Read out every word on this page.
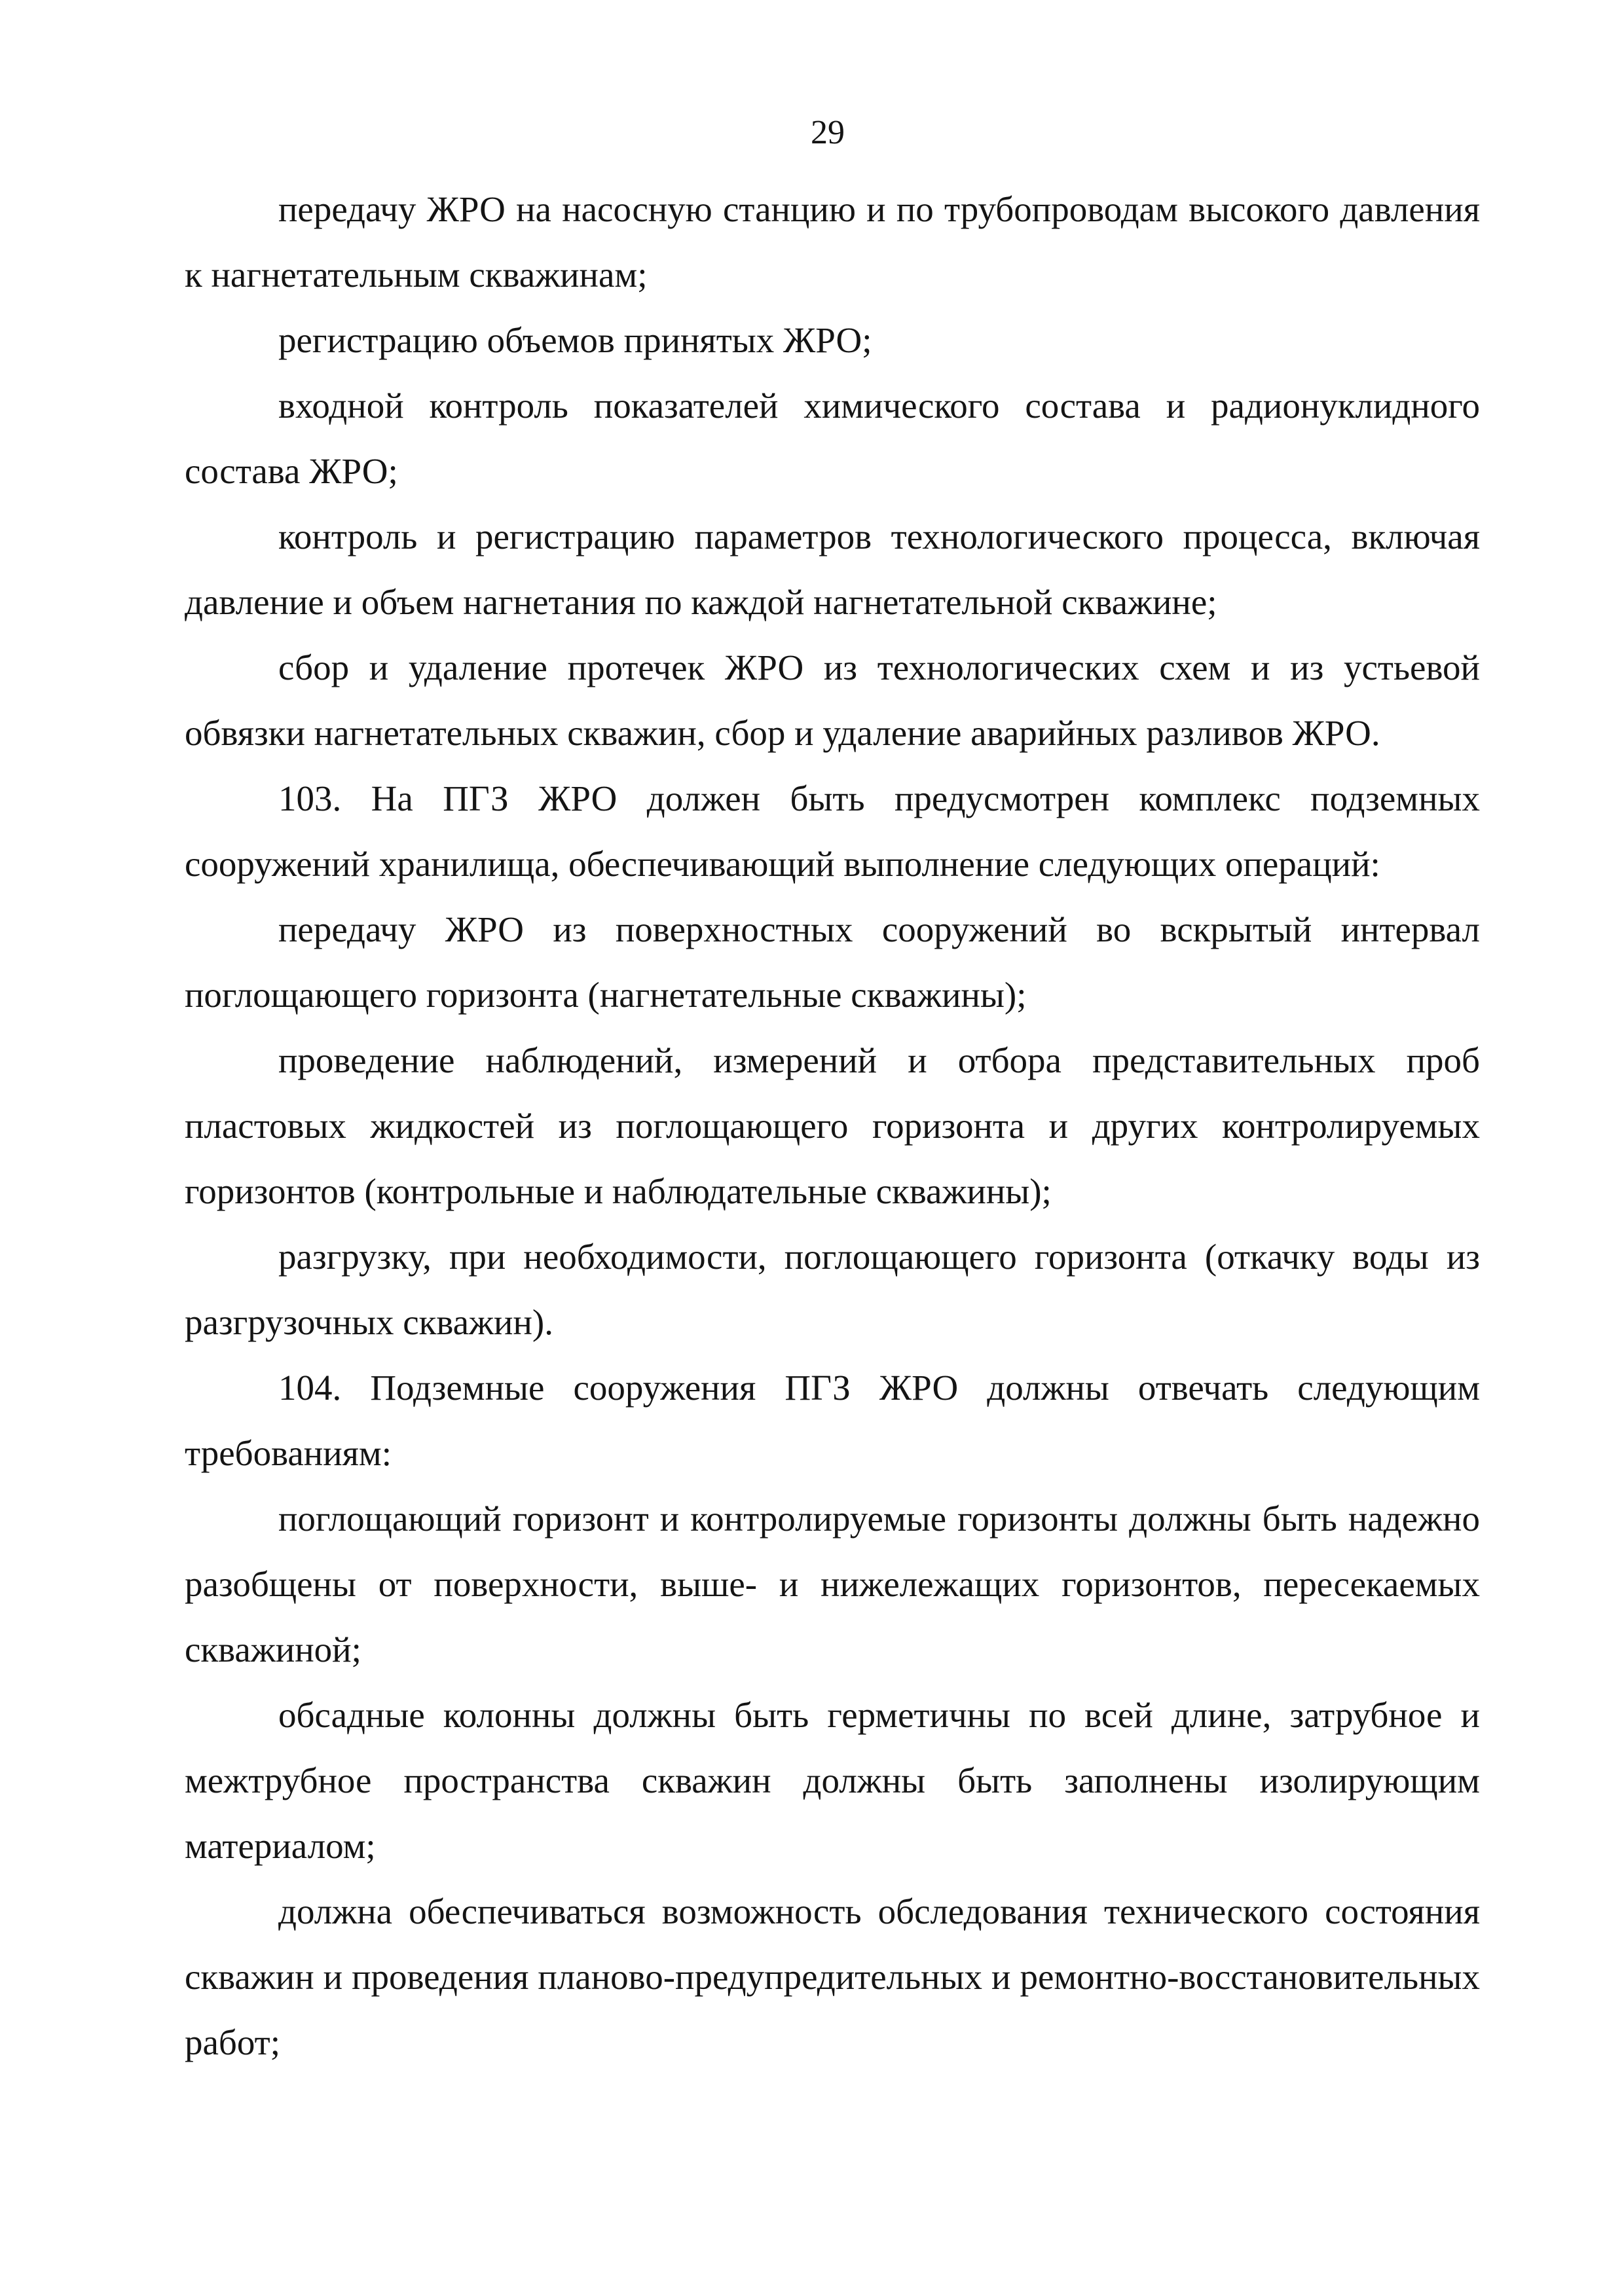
29

передачу ЖРО на насосную станцию и по трубопроводам высокого давления к нагнетательным скважинам;

регистрацию объемов принятых ЖРО;

входной контроль показателей химического состава и радионуклидного состава ЖРО;

контроль и регистрацию параметров технологического процесса, включая давление и объем нагнетания по каждой нагнетательной скважине;

сбор и удаление протечек ЖРО из технологических схем и из устьевой обвязки нагнетательных скважин, сбор и удаление аварийных разливов ЖРО.

103. На ПГЗ ЖРО должен быть предусмотрен комплекс подземных сооружений хранилища, обеспечивающий выполнение следующих операций:

передачу ЖРО из поверхностных сооружений во вскрытый интервал поглощающего горизонта (нагнетательные скважины);

проведение наблюдений, измерений и отбора представительных проб пластовых жидкостей из поглощающего горизонта и других контролируемых горизонтов (контрольные и наблюдательные скважины);

разгрузку, при необходимости, поглощающего горизонта (откачку воды из разгрузочных скважин).

104. Подземные сооружения ПГЗ ЖРО должны отвечать следующим требованиям:

поглощающий горизонт и контролируемые горизонты должны быть надежно разобщены от поверхности, выше- и нижележащих горизонтов, пересекаемых скважиной;

обсадные колонны должны быть герметичны по всей длине, затрубное и межтрубное пространства скважин должны быть заполнены изолирующим материалом;

должна обеспечиваться возможность обследования технического состояния скважин и проведения планово-предупредительных и ремонтно-восстановительных работ;
